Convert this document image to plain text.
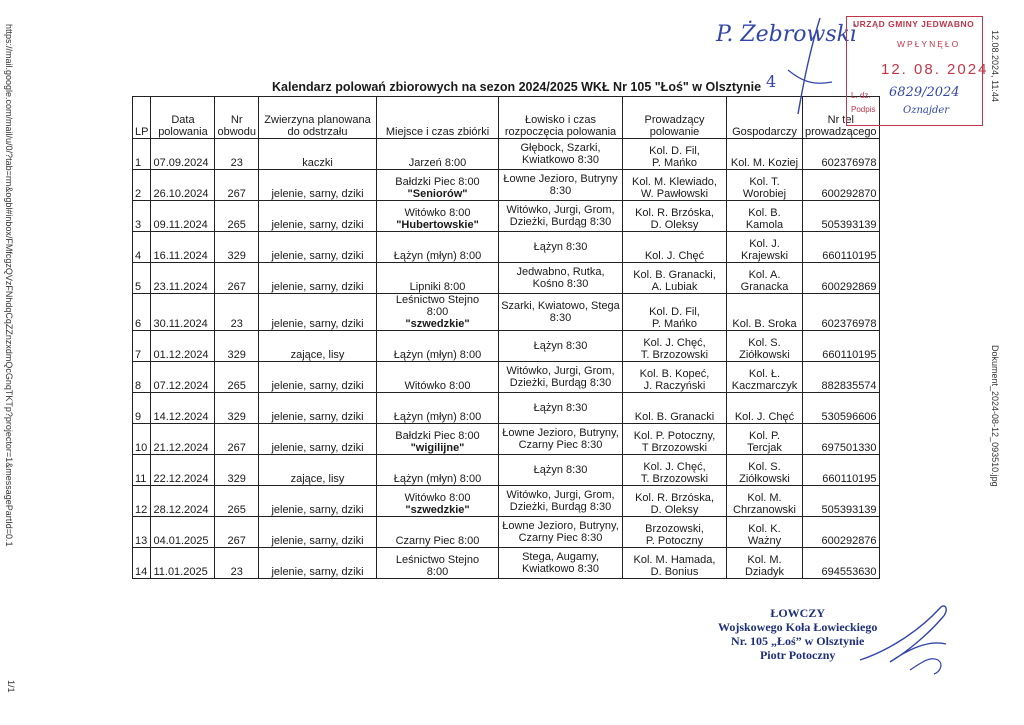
https://mail.google.com/mail/u/0/?tab=rm&ogbl#inbox/FMfcgzQVzFNhdqCqZZnzxdmQcGnqTKTp?projector=1&messagePartId=0.1
1/1
12.08.2024, 11:44
Dokument_2024-08-12_093510.jpg
Kalendarz polowań zbiorowych na sezon 2024/2025 WKŁ Nr 105 "Łoś" w Olsztynie
LP	Data polowania	Nr obwodu	Zwierzyna planowana do odstrzału	Miejsce i czas zbiórki	Łowisko i czas rozpoczęcia polowania	Prowadzący polowanie	Gospodarczy	Nr tel prowadzącego
1	07.09.2024	23	kaczki	Jarzeń 8:00	Głębock, Szarki,
Kwiatkowo 8:30	Kol. D. Fil,
P. Mańko	Kol. M. Koziej	602376978
2	26.10.2024	267	jelenie, sarny, dziki	Bałdzki Piec 8:00
"Seniorów"	Łowne Jezioro, Butryny
8:30	Kol. M. Klewiado,
W. Pawłowski	Kol. T.
Worobiej	600292870
3	09.11.2024	265	jelenie, sarny, dziki	Witówko 8:00
"Hubertowskie"	Witówko, Jurgi, Grom,
Dzieżki, Burdąg 8:30	Kol. R. Brzóska,
D. Oleksy	Kol. B.
Kamola	505393139
4	16.11.2024	329	jelenie, sarny, dziki	Łążyn (młyn) 8:00	Łążyn 8:30	Kol. J. Chęć	Kol. J.
Krajewski	660110195
5	23.11.2024	267	jelenie, sarny, dziki	Lipniki 8:00	Jedwabno, Rutka,
Kośno 8:30	Kol. B. Granacki,
A. Lubiak	Kol. A.
Granacka	600292869
6	30.11.2024	23	jelenie, sarny, dziki	Leśnictwo Stejno
8:00
"szwedzkie"	Szarki, Kwiatowo, Stega
8:30	Kol. D. Fil,
P. Mańko	Kol. B. Sroka	602376978
7	01.12.2024	329	zające, lisy	Łążyn (młyn) 8:00	Łążyn 8:30	Kol. J. Chęć,
T. Brzozowski	Kol. S.
Ziółkowski	660110195
8	07.12.2024	265	jelenie, sarny, dziki	Witówko 8:00	Witówko, Jurgi, Grom,
Dzieżki, Burdąg 8:30	Kol. B. Kopeć,
J. Raczyński	Kol. Ł.
Kaczmarczyk	882835574
9	14.12.2024	329	jelenie, sarny, dziki	Łążyn (młyn) 8:00	Łążyn 8:30	Kol. B. Granacki	Kol. J. Chęć	530596606
10	21.12.2024	267	jelenie, sarny, dziki	Bałdzki Piec 8:00
"wigilijne"	Łowne Jezioro, Butryny,
Czarny Piec 8:30	Kol. P. Potoczny,
T Brzozowski	Kol. P.
Tercjak	697501330
11	22.12.2024	329	zające, lisy	Łążyn (młyn) 8:00	Łążyn 8:30	Kol. J. Chęć,
T. Brzozowski	Kol. S.
Ziółkowski	660110195
12	28.12.2024	265	jelenie, sarny, dziki	Witówko 8:00
"szwedzkie"	Witówko, Jurgi, Grom,
Dzieżki, Burdąg 8:30	Kol. R. Brzóska,
D. Oleksy	Kol. M.
Chrzanowski	505393139
13	04.01.2025	267	jelenie, sarny, dziki	Czarny Piec 8:00	Łowne Jezioro, Butryny,
Czarny Piec 8:30	Brzozowski,
P. Potoczny	Kol. K.
Ważny	600292876
14	11.01.2025	23	jelenie, sarny, dziki	Leśnictwo Stejno
8:00	Stega, Augamy,
Kwiatkowo 8:30	Kol. M. Hamada,
D. Bonius	Kol. M.
Dziadyk	694553630
P. Żebrowski
4
URZĄD GMINY JEDWABNO
WPŁYNĘŁO
12. 08. 2024
L. dz. 6829/2024
Podpis	Oznajder
ŁOWCZY
Wojskowego Koła Łowieckiego
Nr. 105 „Łoś” w Olsztynie
Piotr Potoczny
